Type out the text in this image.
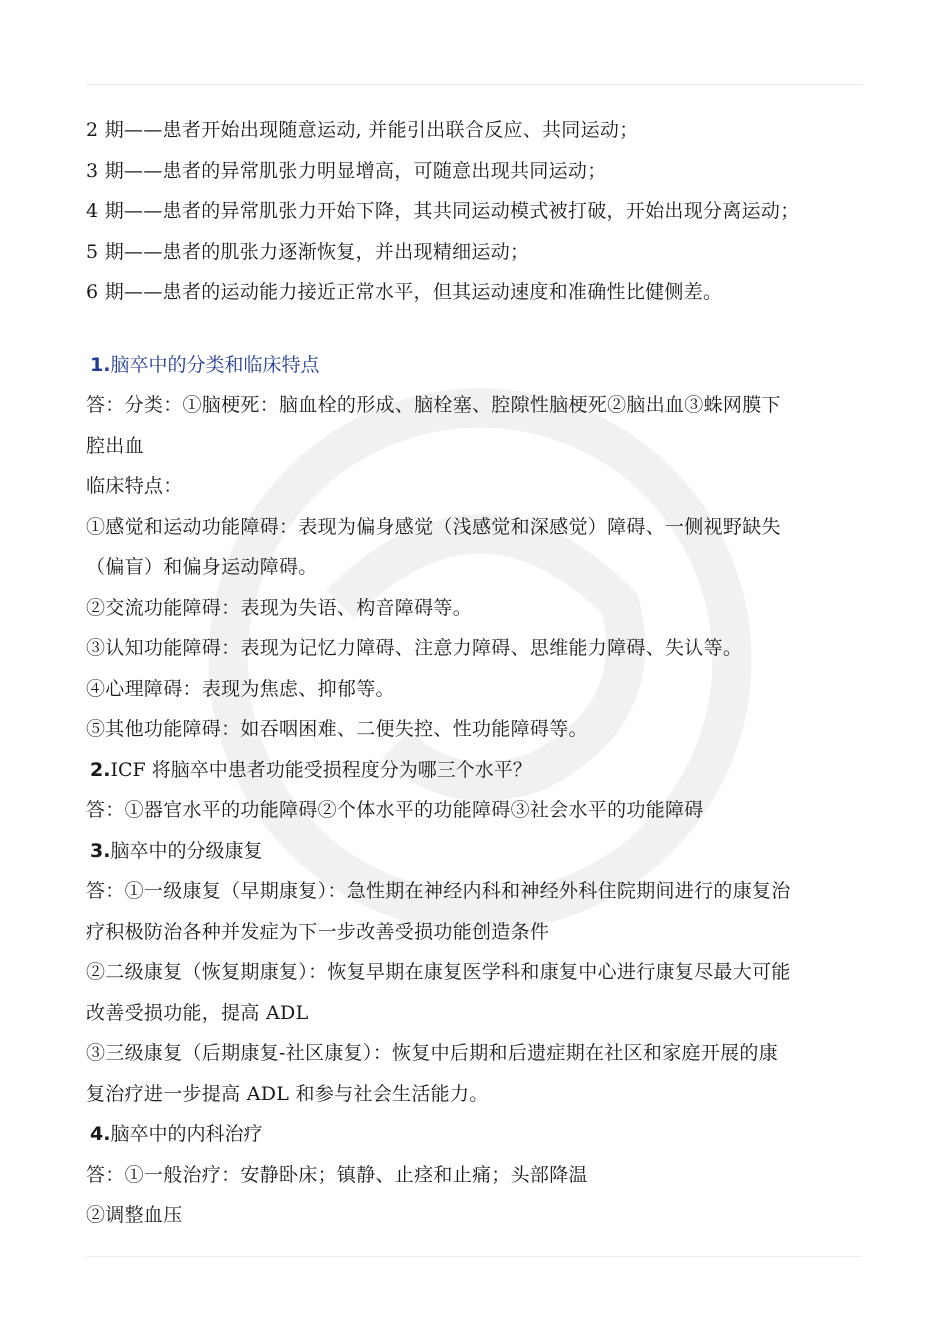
2 期——患者开始出现随意运动, 并能引出联合反应、共同运动；
3 期——患者的异常肌张力明显增高，可随意出现共同运动；
4 期——患者的异常肌张力开始下降，其共同运动模式被打破，开始出现分离运动；
5 期——患者的肌张力逐渐恢复，并出现精细运动；
6 期——患者的运动能力接近正常水平，但其运动速度和准确性比健侧差。
1.脑卒中的分类和临床特点
答：分类：①脑梗死：脑血栓的形成、脑栓塞、腔隙性脑梗死②脑出血③蛛网膜下
腔出血
临床特点：
①感觉和运动功能障碍：表现为偏身感觉（浅感觉和深感觉）障碍、一侧视野缺失
（偏盲）和偏身运动障碍。
②交流功能障碍：表现为失语、构音障碍等。
③认知功能障碍：表现为记忆力障碍、注意力障碍、思维能力障碍、失认等。
④心理障碍：表现为焦虑、抑郁等。
⑤其他功能障碍：如吞咽困难、二便失控、性功能障碍等。
2.ICF 将脑卒中患者功能受损程度分为哪三个水平？
答：①器官水平的功能障碍②个体水平的功能障碍③社会水平的功能障碍
3.脑卒中的分级康复
答：①一级康复（早期康复）：急性期在神经内科和神经外科住院期间进行的康复治
疗积极防治各种并发症为下一步改善受损功能创造条件
②二级康复（恢复期康复）：恢复早期在康复医学科和康复中心进行康复尽最大可能
改善受损功能，提高 ADL
③三级康复（后期康复-社区康复）：恢复中后期和后遗症期在社区和家庭开展的康
复治疗进一步提高 ADL 和参与社会生活能力。
4.脑卒中的内科治疗
答：①一般治疗：安静卧床；镇静、止痉和止痛；头部降温
②调整血压
